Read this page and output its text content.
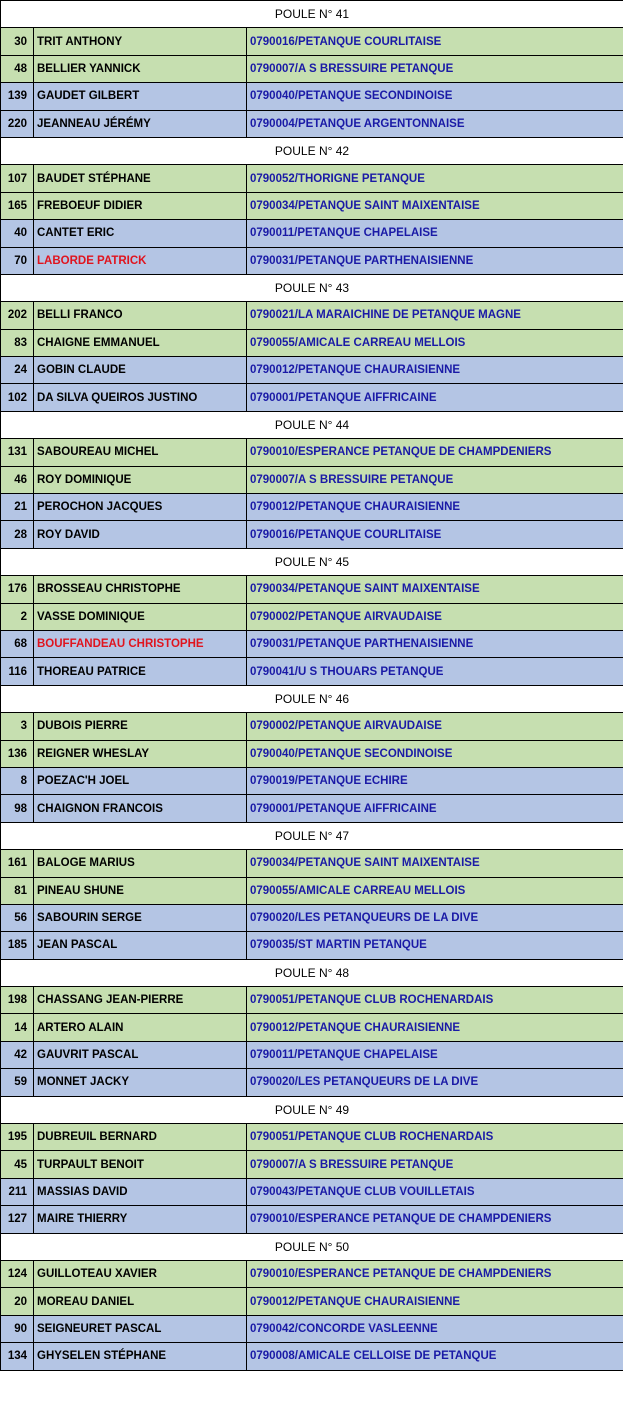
POULE N° 41		
30	TRIT ANTHONY	0790016/PETANQUE COURLITAISE
48	BELLIER YANNICK	0790007/A S BRESSUIRE PETANQUE
139	GAUDET GILBERT	0790040/PETANQUE SECONDINOISE
220	JEANNEAU JÉRÉMY	0790004/PETANQUE ARGENTONNAISE
POULE N° 42		
107	BAUDET STÉPHANE	0790052/THORIGNE PETANQUE
165	FREBOEUF DIDIER	0790034/PETANQUE SAINT MAIXENTAISE
40	CANTET ERIC	0790011/PETANQUE CHAPELAISE
70	LABORDE PATRICK	0790031/PETANQUE PARTHENAISIENNE
POULE N° 43		
202	BELLI FRANCO	0790021/LA MARAICHINE DE PETANQUE MAGNE
83	CHAIGNE EMMANUEL	0790055/AMICALE CARREAU MELLOIS
24	GOBIN CLAUDE	0790012/PETANQUE CHAURAISIENNE
102	DA SILVA QUEIROS JUSTINO	0790001/PETANQUE AIFFRICAINE
POULE N° 44		
131	SABOUREAU MICHEL	0790010/ESPERANCE PETANQUE DE CHAMPDENIERS
46	ROY DOMINIQUE	0790007/A S BRESSUIRE PETANQUE
21	PEROCHON JACQUES	0790012/PETANQUE CHAURAISIENNE
28	ROY DAVID	0790016/PETANQUE COURLITAISE
POULE N° 45		
176	BROSSEAU CHRISTOPHE	0790034/PETANQUE SAINT MAIXENTAISE
2	VASSE DOMINIQUE	0790002/PETANQUE AIRVAUDAISE
68	BOUFFANDEAU CHRISTOPHE	0790031/PETANQUE PARTHENAISIENNE
116	THOREAU PATRICE	0790041/U S THOUARS PETANQUE
POULE N° 46		
3	DUBOIS PIERRE	0790002/PETANQUE AIRVAUDAISE
136	REIGNER WHESLAY	0790040/PETANQUE SECONDINOISE
8	POEZAC'H JOEL	0790019/PETANQUE ECHIRE
98	CHAIGNON FRANCOIS	0790001/PETANQUE AIFFRICAINE
POULE N° 47		
161	BALOGE MARIUS	0790034/PETANQUE SAINT MAIXENTAISE
81	PINEAU SHUNE	0790055/AMICALE CARREAU MELLOIS
56	SABOURIN SERGE	0790020/LES PETANQUEURS DE LA DIVE
185	JEAN PASCAL	0790035/ST MARTIN PETANQUE
POULE N° 48		
198	CHASSANG JEAN-PIERRE	0790051/PETANQUE CLUB ROCHENARDAIS
14	ARTERO ALAIN	0790012/PETANQUE CHAURAISIENNE
42	GAUVRIT PASCAL	0790011/PETANQUE CHAPELAISE
59	MONNET JACKY	0790020/LES PETANQUEURS DE LA DIVE
POULE N° 49		
195	DUBREUIL BERNARD	0790051/PETANQUE CLUB ROCHENARDAIS
45	TURPAULT BENOIT	0790007/A S BRESSUIRE PETANQUE
211	MASSIAS DAVID	0790043/PETANQUE CLUB VOUILLETAIS
127	MAIRE THIERRY	0790010/ESPERANCE PETANQUE DE CHAMPDENIERS
POULE N° 50		
124	GUILLOTEAU XAVIER	0790010/ESPERANCE PETANQUE DE CHAMPDENIERS
20	MOREAU DANIEL	0790012/PETANQUE CHAURAISIENNE
90	SEIGNEURET PASCAL	0790042/CONCORDE VASLEENNE
134	GHYSELEN STÉPHANE	0790008/AMICALE CELLOISE DE PETANQUE
